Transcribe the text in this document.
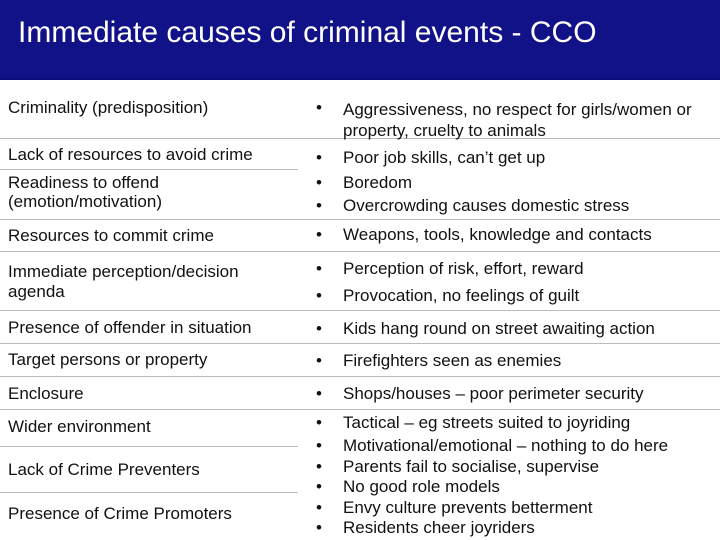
Immediate causes of criminal events - CCO
Criminality (predisposition)
Lack of resources to avoid crime
Readiness to offend
(emotion/motivation)
Resources to commit crime
Immediate perception/decision
agenda
Presence of offender in situation
Target persons or property
Enclosure
Wider environment
Lack of Crime Preventers
Presence of Crime Promoters
•
•
•
•
•
•
•
•
•
•
•
•
•
•
•
•
Aggressiveness, no respect for girls/women or
property, cruelty to animals
Poor job skills, can’t get up
Boredom
Overcrowding causes domestic stress
Weapons, tools, knowledge and contacts
Perception of risk, effort, reward
Provocation, no feelings of guilt
Kids hang round on street awaiting action
Firefighters seen as enemies
Shops/houses – poor perimeter security
Tactical – eg streets suited to joyriding
Motivational/emotional – nothing to do here
Parents fail to socialise, supervise
No good role models
Envy culture prevents betterment
Residents cheer joyriders
